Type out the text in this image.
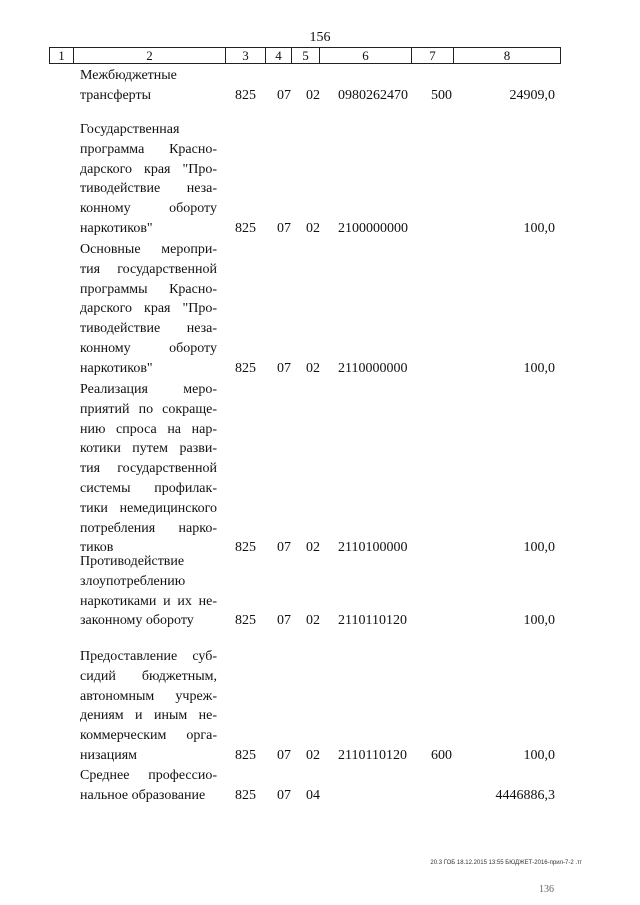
156
1	2	3	4	5	6	7	8
Межбюджетные
трансферты	825 07 02 0980262470 500	24909,0
Государственная
программа Красно-
дарского края "Про-
тиводействие неза-
конному обороту
наркотиков"	825 07 02 2100000000	100,0
Основные меропри-
тия государственной
программы Красно-
дарского края "Про-
тиводействие неза-
конному обороту
наркотиков"	825 07 02 2110000000	100,0
Реализация меро-
приятий по сокраще-
нию спроса на нар-
котики путем разви-
тия государственной
системы профилак-
тики немедицинского
потребления нарко-
тиков	825 07 02 2110100000	100,0
Противодействие
злоупотреблению
наркотиками и их не-
законному обороту	825 07 02 2110110120	100,0
Предоставление суб-
сидий бюджетным,
автономным учреж-
дениям и иным не-
коммерческим орга-
низациям	825 07 02 2110110120 600	100,0
Среднее профессио-
нальное образование	825 07 04	4446886,3
20.3 ГОБ 18.12.2015 13:55 БЮДЖЕТ-2016-прил-7-2 .тг
136
